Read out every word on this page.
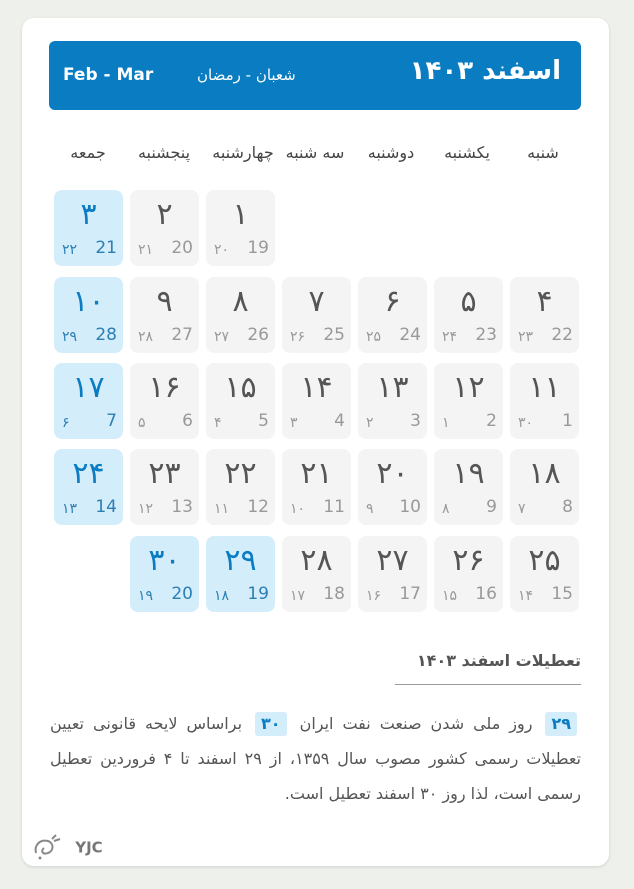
Feb - Mar	شعبان - رمضان	اسفند ۱۴۰۳
شنبه
یکشنبه
دوشنبه
سه شنبه
چهارشنبه
پنجشنبه
جمعه
۱
19
۲۰
۲
20
۲۱
۳
21
۲۲
۴
22
۲۳
۵
23
۲۴
۶
24
۲۵
۷
25
۲۶
۸
26
۲۷
۹
27
۲۸
۱۰
28
۲۹
۱۱
1
۳۰
۱۲
2
۱
۱۳
3
۲
۱۴
4
۳
۱۵
5
۴
۱۶
6
۵
۱۷
7
۶
۱۸
8
۷
۱۹
9
۸
۲۰
10
۹
۲۱
11
۱۰
۲۲
12
۱۱
۲۳
13
۱۲
۲۴
14
۱۳
۲۵
15
۱۴
۲۶
16
۱۵
۲۷
17
۱۶
۲۸
18
۱۷
۲۹
19
۱۸
۳۰
20
۱۹
تعطیلات اسفند ۱۴۰۳
۲۹ روز ملی شدن صنعت نفت ایران ۳۰ براساس لایحه قانونی تعیین تعطیلات رسمی کشور مصوب سال ۱۳۵۹، از ۲۹ اسفند تا ۴ فروردین تعطیل رسمی است، لذا روز ۳۰ اسفند تعطیل است.
YJC
